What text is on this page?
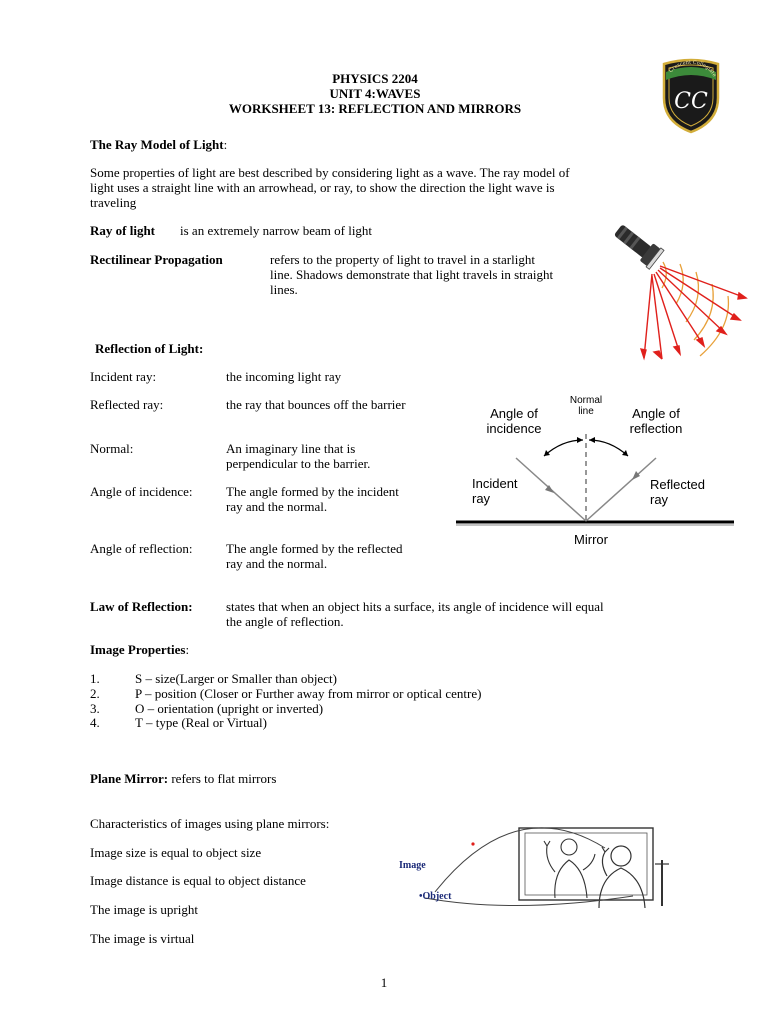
PHYSICS 2204
UNIT 4:WAVES
WORKSHEET 13: REFLECTION AND MIRRORS
Crescent Collegiate
CC
The Ray Model of Light:
Some properties of light are best described by considering light as a wave. The ray model of
light uses a straight line with an arrowhead, or ray, to show the direction the light wave is
traveling
Ray of light is an extremely narrow beam of light
Rectilinear Propagation	refers to the property of light to travel in a starlight
line. Shadows demonstrate that light travels in straight
lines.
Reflection of Light:
Incident ray:	the incoming light ray
Reflected ray:	the ray that bounces off the barrier
Normal:	An imaginary line that is
perpendicular to the barrier.
Angle of incidence:	The angle formed by the incident
ray and the normal.
Angle of reflection:	The angle formed by the reflected
ray and the normal.
Normal
line
Angle of
incidence
Angle of
reflection
Incident
ray
Reflected
ray
Mirror
Law of Reflection:	states that when an object hits a surface, its angle of incidence will equal
the angle of reflection.
Image Properties:
1.	S – size(Larger or Smaller than object)
2.	P – position (Closer or Further away from mirror or optical centre)
3.	O – orientation (upright or inverted)
4.	T – type (Real or Virtual)
Plane Mirror: refers to flat mirrors
Characteristics of images using plane mirrors:
Image size is equal to object size
Image distance is equal to object distance
The image is upright
The image is virtual
Image
•Object
1
